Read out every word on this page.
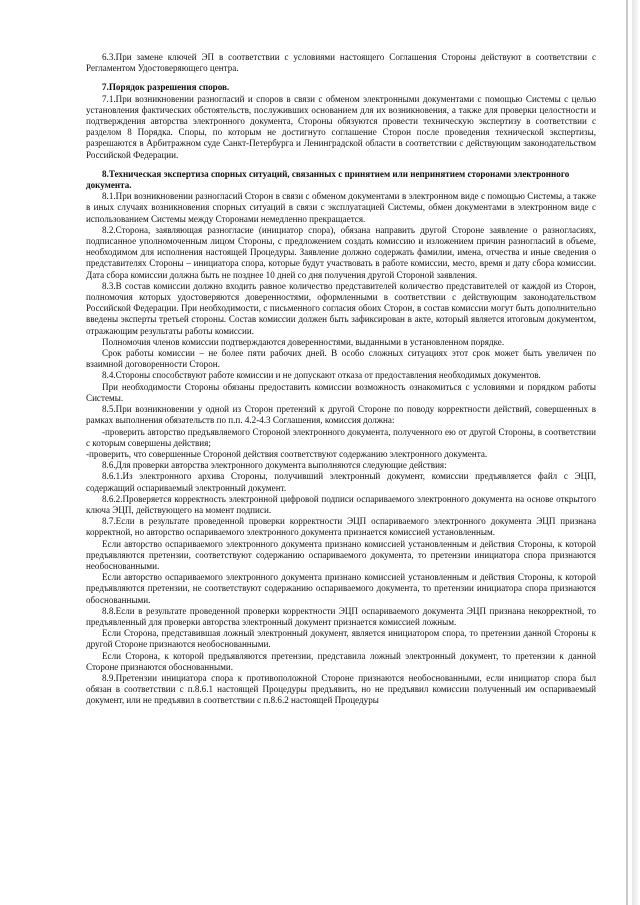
6.3.При замене ключей ЭП в соответствии с условиями настоящего Соглашения Стороны действуют в соответствии с Регламентом Удостоверяющего центра.

7.Порядок разрешения споров.

7.1.При возникновении разногласий и споров в связи с обменом электронными документами с помощью Системы с целью установления фактических обстоятельств, послуживших основанием для их возникновения, а также для проверки целостности и подтверждения авторства электронного документа, Стороны обязуются провести техническую экспертизу в соответствии с разделом 8 Порядка. Споры, по которым не достигнуто соглашение Сторон после проведения технической экспертизы, разрешаются в Арбитражном суде Санкт-Петербурга и Ленинградской области в соответствии с действующим законодательством Российской Федерации.

8.Техническая экспертиза спорных ситуаций, связанных с принятием или непринятием сторонами электронного документа.

8.1.При возникновении разногласий Сторон в связи с обменом документами в электронном виде с помощью Системы, а также в иных случаях возникновения спорных ситуаций в связи с эксплуатацией Системы, обмен документами в электронном виде с использованием Системы между Сторонами немедленно прекращается.

8.2.Сторона, заявляющая разногласие (инициатор спора), обязана направить другой Стороне заявление о разногласиях, подписанное уполномоченным лицом Стороны, с предложением создать комиссию и изложением причин разногласий в объеме, необходимом для исполнения настоящей Процедуры. Заявление должно содержать фамилии, имена, отчества и иные сведения о представителях Стороны – инициатора спора, которые будут участвовать в работе комиссии, место, время и дату сбора комиссии. Дата сбора комиссии должна быть не позднее 10 дней со дня получения другой Стороной заявления.

8.3.В состав комиссии должно входить равное количество представителей количество представителей от каждой из Сторон, полномочия которых удостоверяются доверенностями, оформленными в соответствии с действующим законодательством Российской Федерации. При необходимости, с письменного согласия обоих Сторон, в состав комиссии могут быть дополнительно введены эксперты третьей стороны. Состав комиссии должен быть зафиксирован в акте, который является итоговым документом, отражающим результаты работы комиссии.

Полномочия членов комиссии подтверждаются доверенностями, выданными в установленном порядке.

Срок работы комиссии – не более пяти рабочих дней. В особо сложных ситуациях этот срок может быть увеличен по взаимной договоренности Сторон.

8.4.Стороны способствуют работе комиссии и не допускают отказа от предоставления необходимых документов.

При необходимости Стороны обязаны предоставить комиссии возможность ознакомиться с условиями и порядком работы Системы.

8.5.При возникновении у одной из Сторон претензий к другой Стороне по поводу корректности действий, совершенных в рамках выполнения обязательств по п.п. 4.2-4.3 Соглашения, комиссия должна:

-проверить авторство предъявляемого Стороной электронного документа, полученного ею от другой Стороны, в соответствии с которым совершены действия;

-проверить, что совершенные Стороной действия соответствуют содержанию электронного документа.

8.6.Для проверки авторства электронного документа выполняются следующие действия:

8.6.1.Из электронного архива Стороны, получивший электронный документ, комиссии предъявляется файл с ЭЦП, содержащий оспариваемый электронный документ.

8.6.2.Проверяется корректность электронной цифровой подписи оспариваемого электронного документа на основе открытого ключа ЭЦП, действующего на момент подписи.

8.7.Если в результате проведенной проверки корректности ЭЦП оспариваемого электронного документа ЭЦП признана корректной, но авторство оспариваемого электронного документа признается комиссией установленным.

Если авторство оспариваемого электронного документа признано комиссией установленным и действия Стороны, к которой предъявляются претензии, соответствуют содержанию оспариваемого документа, то претензии инициатора спора признаются необоснованными.

Если авторство оспариваемого электронного документа признано комиссией установленным и действия Стороны, к которой предъявляются претензии, не соответствуют содержанию оспариваемого документа, то претензии инициатора спора признаются обоснованными.

8.8.Если в результате проведенной проверки корректности ЭЦП оспариваемого документа ЭЦП признана некорректной, то предъявленный для проверки авторства электронный документ признается комиссией ложным.

Если Сторона, представившая ложный электронный документ, является инициатором спора, то претензии данной Стороны к другой Стороне признаются необоснованными.

Если Сторона, к которой предъявляются претензии, представила ложный электронный документ, то претензии к данной Стороне признаются обоснованными.

8.9.Претензии инициатора спора к противоположной Стороне признаются необоснованными, если инициатор спора был обязан в соответствии с п.8.6.1 настоящей Процедуры предъявить, но не предъявил комиссии полученный им оспариваемый документ, или не предъявил в соответствии с п.8.6.2 настоящей Процедуры
